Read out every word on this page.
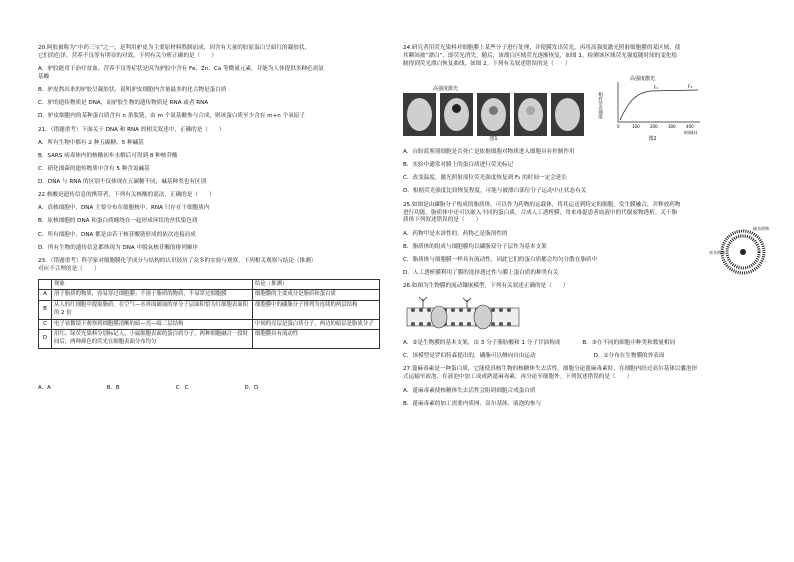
20.阿胶被称为“中药三宝”之一，是利用驴皮为主要原材料熬制而成，因含有大量的胶原蛋白呈暗红的凝胶状，
它们的色泽，营养不良等有明显的对效，下列有关分析正确的是（　　）

A．驴胶能用于治疗贫血、营养不良等症状是因为驴胶中含有 Fe、Zn、Ca 等微量元素，并能为人体提供多种必需氨
基酸

B．驴皮熬出来的驴胶呈凝胶状，说明驴皮细胞内含量最多的化合物是蛋白质

C．驴的遗传物质是 DNA，而驴胶生物的遗传物质是 RNA 或者 RNA

D．驴皮细胞内的某种蛋白质含有 n 条肽链，由 m 个氨基酸参与合成，则该蛋白质至少含有 m+n 个氧原子

21．（错题重考）下面关于 DNA 和 RNA 的相关叙述中，正确的是（　　）

A．所有生物中都有 2 种五碳糖、5 种碱基

B．SARS 病毒体内的核酸初步水解后可得到 8 种核苷酸

C．硝化细菌的遗传物质中含有 5 种含氮碱基

D．DNA 与 RNA 的区别不仅体现在五碳糖不同，碱基种类也有区别

22.核酸是遗传信息的携带者，下列有关核酸的说法，正确的是（　　）

A．真核细胞中，DNA 主要分布在细胞核中，RNA 只存在于细胞质内

B．原核细胞的 DNA 和蛋白质缠绕在一起形成环状的丝状染色质

C．所有细胞中，DNA 都是由若干核苷酸链形成的依次连接而成

D．所有生物的遗传信息都体现为 DNA 中脱氧核苷酸的排列顺序

23．（错题重考）科学家对细胞膜化学成分与结构的认识经历了众多的实验与观察，下列相关观察与结论（推测）
对应不合理的是（　　）

	现象	结论（推测）
A	溶于脂质的物质，容易穿过细胞膜；不溶于脂质的物质，不易穿过细胞膜	细胞膜的主要成分是脂质和蛋白质
B	从人的红细胞中提取脂质，在空气—水界面铺展的单分子层面积恰为红细胞表面积的 2 倍	细胞膜中的磷脂分子排列为连续的两层结构
C	电子显微镜下观察到细胞膜清晰的暗—亮—暗三层结构	中间的亮层是蛋白质分子，两边的暗层是脂质分子
D	用红、绿荧光染料分别标记人、小鼠细胞表面的蛋白质分子，两种细胞融合一段时间后，两种颜色的荧光在细胞表面分布均匀	细胞膜具有流动性
A．A	B．B	C．C	D．D

24.研究者用荧光染料对细胞膜上某些分子进行处理，并使膜发出荧光，再用高强度激光照射细胞膜的某区域，使
其瞬间被“漂白”，即荧光消失。随后，该漂白区域荧光逐渐恢复，如图 1。检测该区域荧光强度随时间的变化绘
制得到荧光漂白恢复曲线，如图 2。下列有关叙述错误的是（　　）

高强度激光
图1
高强度激光
相对荧光强度
F₁	F₂
0	100	200	300	400
时间(s)
图2

A．台盼蓝鉴别细胞是否死亡是依据细胞对物质进入细胞具有控制作用

B．实验中通常对膜上的蛋白质进行荧光标记

C．改变温度，激光照射部位荧光强度恢复到 F₂ 的时间一定会延长

D．根据荧光强度比较恢复程度，可能与被漂白部位分子运动中止状态有关

25.如图是由磷脂分子构成的脂质体，可以作为药物的运载体，将其运送到特定的细胞，发生膜融合，并释放药物
进行功能。脂质体中还可以嵌入不同的蛋白质，合成人工透析膜，用来毒促患者血液中的代谢废物透析。关于脂
质体下列叙述错误的是（　　）

疏水药物
亲水药物

A．药物甲是水溶性的，药物乙是脂溶性的

B．脂质体的组成与细胞膜均以磷脂双分子层作为基本支架

C．脂质体与细胞膜一样具有流动性，因此它们的蛋白质都会均匀分散在脂质中

D．人工透析膜利用了膜的选择透过性与膜上蛋白质的种类有关

26.如图为生物膜的流动镶嵌模型，下列有关叙述正确的是（　　）

A．②是生物膜的基本支架，由 3 分子脂肪酸和 1 分子甘油构成	B．③在不同的细胞中种类和数量相同

C．该模型是罗伯特森提出的，磷脂可以侧向自由运动	D．①分布在生物膜的外表面

27.蓖麻毒素是一种蛋白质，它能使真核生物的核糖体失去活性。细胞分泌蓖麻毒素时，在细胞内经过高尔基体以囊泡形
式运输至液泡，在液泡中加工成成熟蓖麻毒素，再分泌至细胞外。下列叙述错误的是（　　）

A．蓖麻毒素使核糖体失去活性会阻碍细胞合成蛋白质

B．蓖麻毒素的加工需要内质网、高尔基体、液泡的参与
